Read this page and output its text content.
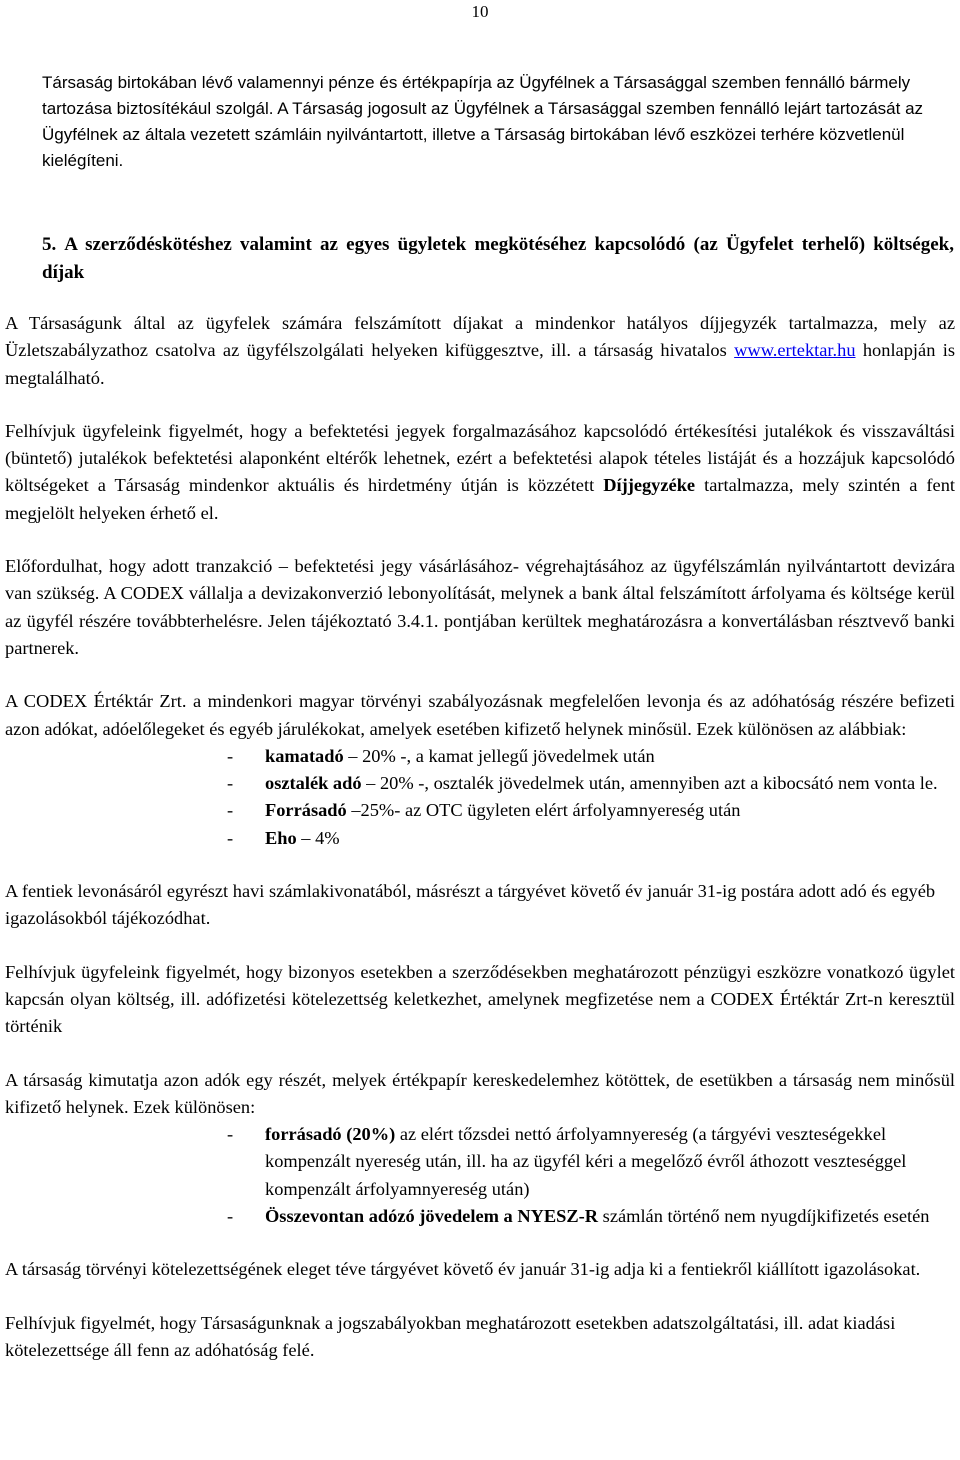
10
Társaság birtokában lévő valamennyi pénze és értékpapírja az Ügyfélnek a Társasággal szemben fennálló bármely tartozása biztosítékául szolgál. A Társaság jogosult az Ügyfélnek a Társasággal szemben fennálló lejárt tartozását az Ügyfélnek az általa vezetett számláin nyilvántartott, illetve a Társaság birtokában lévő eszközei terhére közvetlenül kielégíteni.
5. A szerződéskötéshez valamint az egyes ügyletek megkötéséhez kapcsolódó (az Ügyfelet terhelő) költségek, díjak

A Társaságunk által az ügyfelek számára felszámított díjakat a mindenkor hatályos díjjegyzék tartalmazza, mely az Üzletszabályzathoz csatolva az ügyfélszolgálati helyeken kifüggesztve, ill. a társaság hivatalos www.ertektar.hu honlapján is megtalálható.

Felhívjuk ügyfeleink figyelmét, hogy a befektetési jegyek forgalmazásához kapcsolódó értékesítési jutalékok és visszaváltási (büntető) jutalékok befektetési alaponként eltérők lehetnek, ezért a befektetési alapok tételes listáját és a hozzájuk kapcsolódó költségeket a Társaság mindenkor aktuális és hirdetmény útján is közzétett Díjjegyzéke tartalmazza, mely szintén a fent megjelölt helyeken érhető el.

Előfordulhat, hogy adott tranzakció – befektetési jegy vásárlásához- végrehajtásához az ügyfélszámlán nyilvántartott devizára van szükség. A CODEX vállalja a devizakonverzió lebonyolítását, melynek a bank által felszámított árfolyama és költsége kerül az ügyfél részére továbbterhelésre. Jelen tájékoztató 3.4.1. pontjában kerültek meghatározásra a konvertálásban résztvevő banki partnerek.

A CODEX Értéktár Zrt. a mindenkori magyar törvényi szabályozásnak megfelelően levonja és az adóhatóság részére befizeti azon adókat, adóelőlegeket és egyéb járulékokat, amelyek esetében kifizető helynek minősül. Ezek különösen az alábbiak:

- kamatadó – 20% -, a kamat jellegű jövedelmek után
- osztalék adó – 20% -, osztalék jövedelmek után, amennyiben azt a kibocsátó nem vonta le.
- Forrásadó –25%- az OTC ügyleten elért árfolyamnyereség után
- Eho – 4%

A fentiek levonásáról egyrészt havi számlakivonatából, másrészt a tárgyévet követő év január 31-ig postára adott adó és egyéb igazolásokból tájékozódhat.

Felhívjuk ügyfeleink figyelmét, hogy bizonyos esetekben a szerződésekben meghatározott pénzügyi eszközre vonatkozó ügylet kapcsán olyan költség, ill. adófizetési kötelezettség keletkezhet, amelynek megfizetése nem a CODEX Értéktár Zrt-n keresztül történik

A társaság kimutatja azon adók egy részét, melyek értékpapír kereskedelemhez kötöttek, de esetükben a társaság nem minősül kifizető helynek. Ezek különösen:

- forrásadó (20%) az elért tőzsdei nettó árfolyamnyereség (a tárgyévi veszteségekkel kompenzált nyereség után, ill. ha az ügyfél kéri a megelőző évről áthozott veszteséggel kompenzált árfolyamnyereség után)
- Összevontan adózó jövedelem a NYESZ-R számlán történő nem nyugdíjkifizetés esetén

A társaság törvényi kötelezettségének eleget téve tárgyévet követő év január 31-ig adja ki a fentiekről kiállított igazolásokat.

Felhívjuk figyelmét, hogy Társaságunknak a jogszabályokban meghatározott esetekben adatszolgáltatási, ill. adat kiadási kötelezettsége áll fenn az adóhatóság felé.
